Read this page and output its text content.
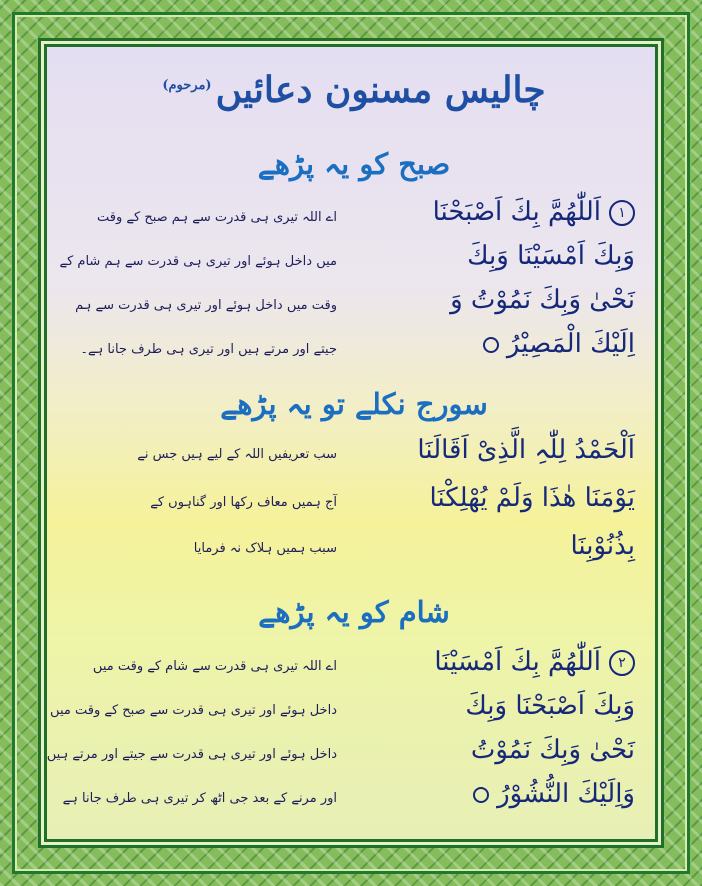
چالیس مسنون دعائیں$^{(مرحوم)}$
صبح کو یہ پڑھے
۱اَللّٰھُمَّ بِكَ اَصْبَحْنَا
وَبِكَ اَمْسَیْنَا وَبِكَ
نَحْیٰ وَبِكَ نَمُوْتُ وَ
اِلَیْكَ الْمَصِیْرُ
اے اللہ تیری ہی قدرت سے ہم صبح کے وقت
میں داخل ہوئے اور تیری ہی قدرت سے ہم شام کے
وقت میں داخل ہوئے اور تیری ہی قدرت سے ہم
جیتے اور مرتے ہیں اور تیری ہی طرف جانا ہے۔
سورج نکلے تو یہ پڑھے
اَلْحَمْدُ لِلّٰہِ الَّذِیْ اَقَالَنَا
یَوْمَنَا ھٰذَا وَلَمْ یُھْلِکْنَا
بِذُنُوْبِنَا
سب تعریفیں اللہ کے لیے ہیں جس نے
آج ہمیں معاف رکھا اور گناہوں کے
سبب ہمیں ہلاک نہ فرمایا
شام کو یہ پڑھے
۲اَللّٰھُمَّ بِكَ اَمْسَیْنَا
وَبِكَ اَصْبَحْنَا وَبِكَ
نَحْیٰ وَبِكَ نَمُوْتُ
وَاِلَیْكَ النُّشُوْرُ
اے اللہ تیری ہی قدرت سے شام کے وقت میں
داخل ہوئے اور تیری ہی قدرت سے صبح کے وقت میں
داخل ہوئے اور تیری ہی قدرت سے جیتے اور مرتے ہیں
اور مرنے کے بعد جی اٹھ کر تیری ہی طرف جانا ہے
